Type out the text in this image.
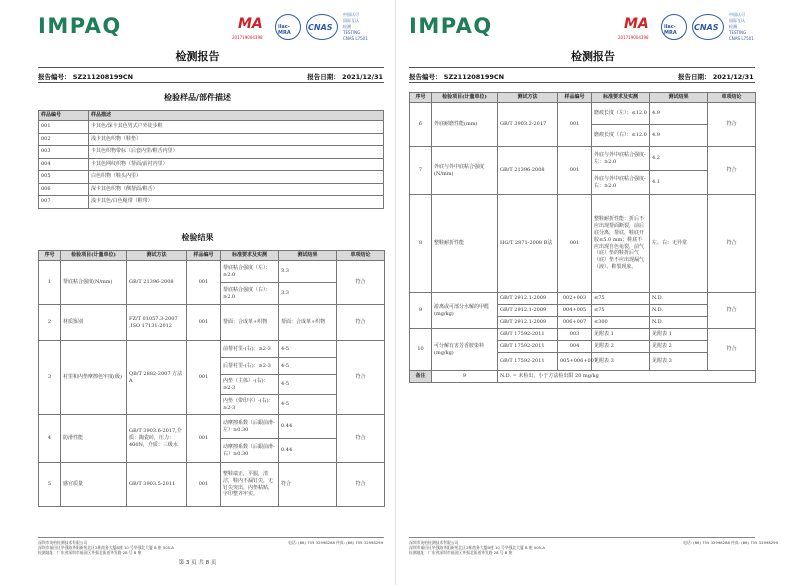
IMPAQ	MA
201719004398
ilac-MRA
CNAS
中国认可
国际互认
检测
TESTING
CNAS L7501
检测报告
报告编号： SZ211208199CN	报告日期： 2021/12/31
检验样品/部件描述
样品编号	样品描述
001	卡其色/深卡其色男式户外徒步鞋
002	浅卡其色织物（鞋垫）
003	卡其色织物带标（后套内里/鞋舌内里）
004	卡其色网纹织物（帮面/前衬内里）
005	白色织物（鞋头内里）
006	深卡其色织物（侧帮面/鞋舌）
007	浅卡其色/白色绳带（鞋带）
检验结果
序号	检验项目(计量单位)	测试方法	样品编号	标准要求及实测	测试结果	单项结论
1	帮底粘合强度(N/mm)	GB/T 21396-2008	001	帮底粘合强度（左）：≥2.0	3.3	符合
				帮底粘合强度（右）：≥2.0	3.3	
2	材质鉴别	FZ/T 01057.3-2007 ,ISO 17131:2012	001	帮面：合成革+织物	帮面：合成革+织物	符合
3	衬里和内垫摩擦色牢度(级)	QB/T 2882-2007 方法A	001	前帮衬里-(右)：≥2-3	4-5	符合
				后帮衬里-(右)：≥2-3	4-5	
				内垫（主体）-(右)：≥2-3	4-5	
				内垫（带印字）-(右)：≥2-3	4-5	
4	防滑性能	GB/T 3903.6-2017,介质：陶瓷砖，压力：400N，介质：三级水	001	动摩擦系数（后跟前滑-左）≥0.30	0.44	符合
				动摩擦系数（后跟前滑-右）≥0.30	0.44	
5	感官质量	GB/T 3903.5-2011	001	整鞋端正，平服，清洁，鞋内不漏钉尖，无钉尖突出，内垫粘贴，字印整齐牢实。	符合	符合
深圳市英柏检测技术有限公司
深圳市福田区华强路华阳新苑北区2栋商务大厦B座 10 号华强北大厦 B 座 505-A
检测地址：广东省深圳市福田区华强北街道华发路 28 号 B 座
电话: (86) 755 32998288 传真: (86) 755 32998299
第 3 页 共 8 页
IMPAQ	MA
201719004398
ilac-MRA
CNAS
中国认可
国际互认
检测
TESTING
CNAS L7501
检测报告
报告编号： SZ211208199CN	报告日期： 2021/12/31
序号	检验项目(计量单位)	测试方法	样品编号	标准要求及实测	测试结果	单项结论
6	外底耐磨性能(mm)	GB/T 3903.2-2017	001	磨痕长度（左）：≤12.0	4.9	符合
				磨痕长度（右）：≤12.0	4.9	
7	外底与外中底粘合强度(N/mm)	GB/T 21396-2008	001	外底与外中底粘合强度-左：≥2.0	4.2	符合
				外底与外中底粘合强度-右：≥2.0	4.1	
8	整鞋耐折性能	HG/T 2871-2008 B法	001	整鞋耐折性能：折后不应出现帮面断裂，前后底分离，帮底、鞋底开胶≤5.0 mm；鞋底不应出现自色龟裂，前气（底）垫的鞋折后气（底）垫不应出现漏气（液）、鞋裂现象。	左、右：无异常	符合
9	游离或可部分水解的甲醛(mg/kg)	GB/T 2912.1-2009	002+003	≤75	N.D.	符合
		GB/T 2912.1-2009	004+005	≤75	N.D.	
		GB/T 2912.1-2009	006+007	≤300	N.D.	
10	可分解有害芳香胺染料(mg/kg)	GB/T 17592-2011	003	见附表 1	见附表 1	符合
		GB/T 17592-2011	004	见附表 2	见附表 2	
		GB/T 17592-2011	005+006+007	见附表 3	见附表 3	
备注	9	N.D. = 未检出，小于方法检出限 20 mg/kg				
深圳市英柏检测技术有限公司
深圳市福田区华强路华阳新苑北区2栋商务大厦B座 10 号华强北大厦 B 座 505-A
检测地址：广东省深圳市福田区华强北街道华发路 28 号 B 座
电话: (86) 755 32998288 传真: (86) 755 32998299
